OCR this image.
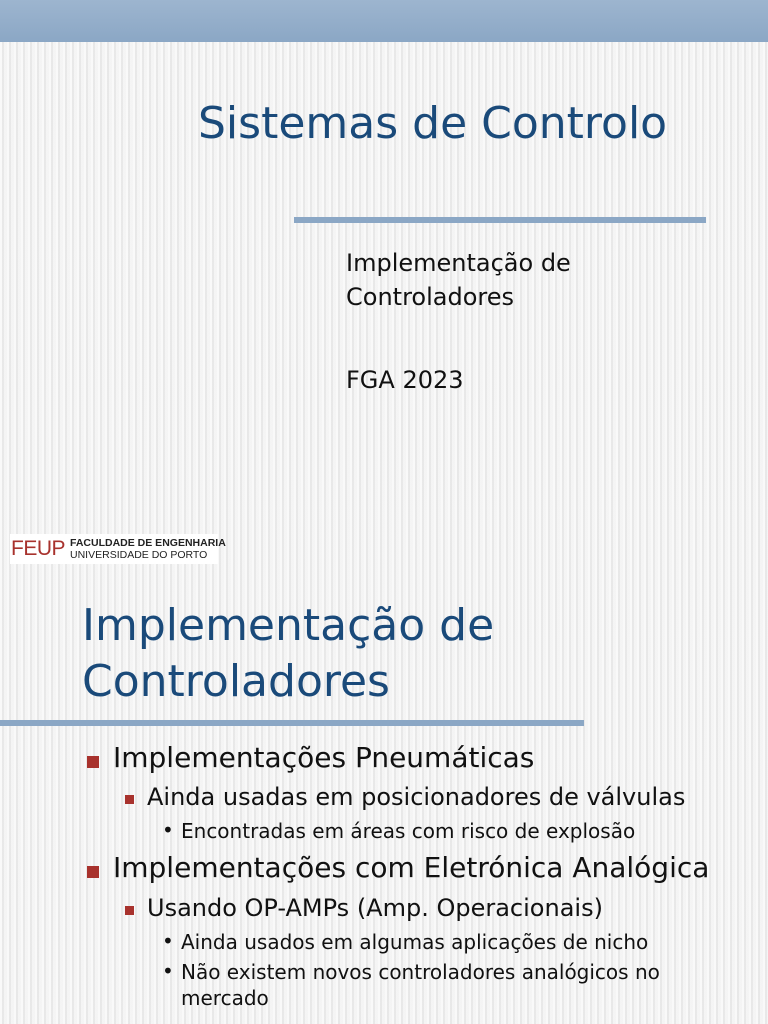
Sistemas de Controlo
Implementação de
Controladores
FGA 2023
FEUP FACULDADE DE ENGENHARIA
UNIVERSIDADE DO PORTO
Implementação de
Controladores
Implementações Pneumáticas
Ainda usadas em posicionadores de válvulas
• Encontradas em áreas com risco de explosão
Implementações com Eletrónica Analógica
Usando OP-AMPs (Amp. Operacionais)
• Ainda usados em algumas aplicações de nicho
• Não existem novos controladores analógicos no
mercado
